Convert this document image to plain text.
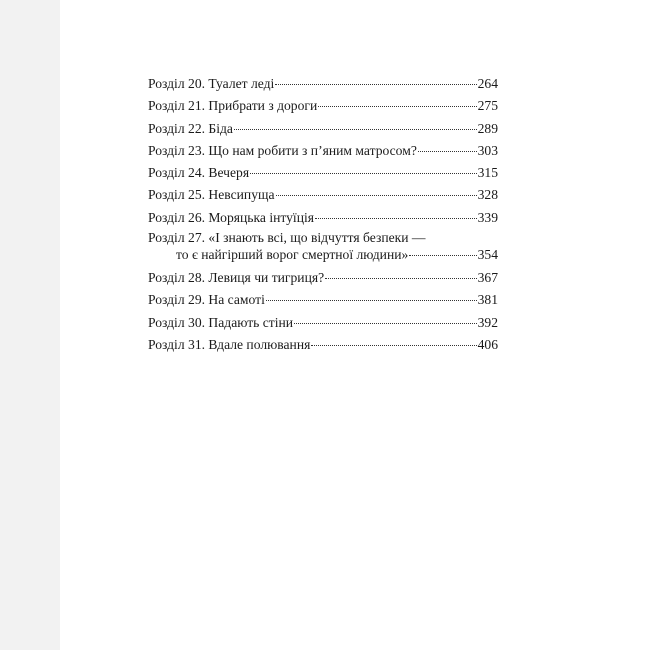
Розділ 20. Туалет леді	264
Розділ 21. Прибрати з дороги	275
Розділ 22. Біда	289
Розділ 23. Що нам робити з п’яним матросом?	303
Розділ 24. Вечеря	315
Розділ 25. Невсипуща	328
Розділ 26. Моряцька інтуїція	339
Розділ 27. «І знають всі, що відчуття безпеки —
то є найгірший ворог смертної людини»	354
Розділ 28. Левиця чи тигриця?	367
Розділ 29. На самоті	381
Розділ 30. Падають стіни	392
Розділ 31. Вдале полювання	406
